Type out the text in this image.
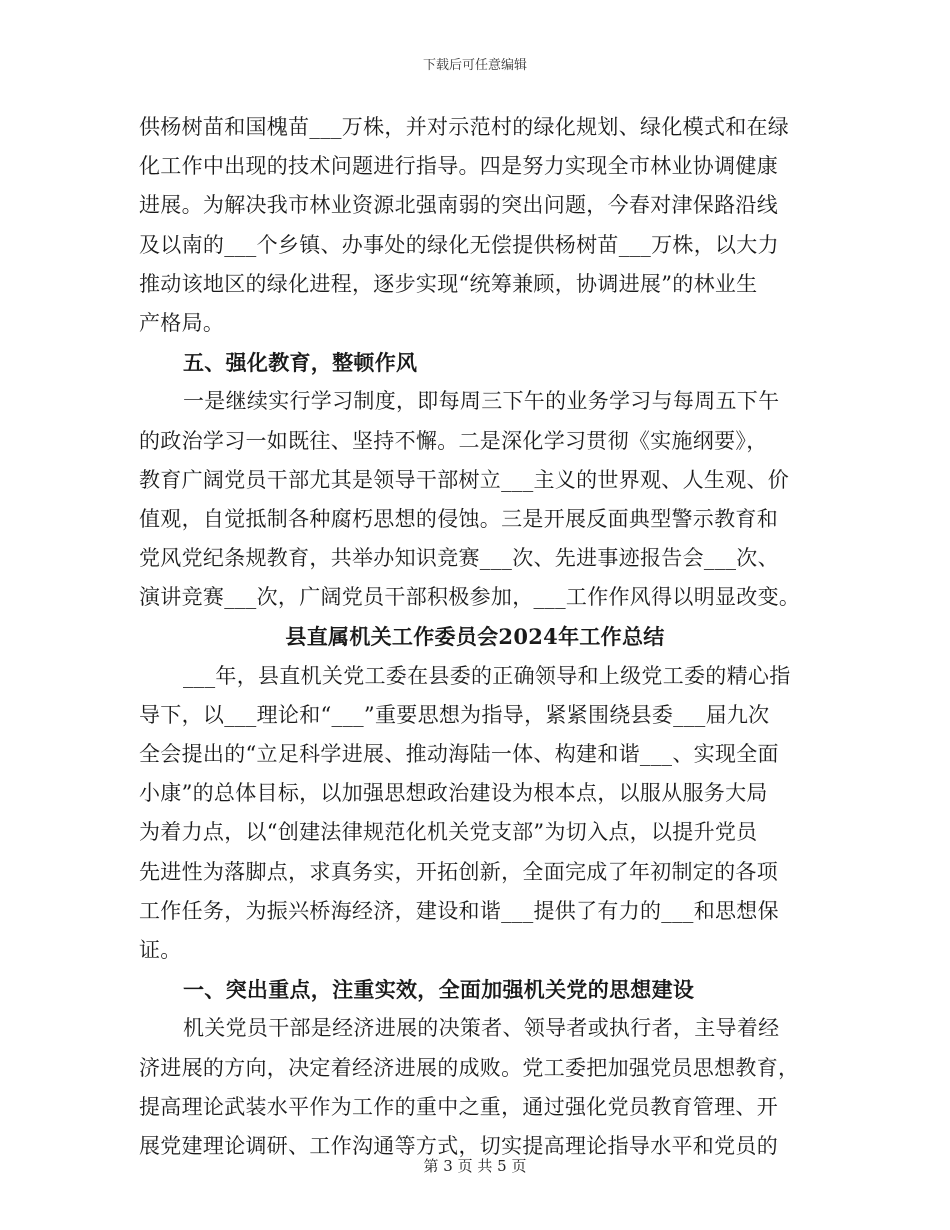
下载后可任意编辑
供杨树苗和国槐苗___万株，并对示范村的绿化规划、绿化模式和在绿
化工作中出现的技术问题进行指导。四是努力实现全市林业协调健康
进展。为解决我市林业资源北强南弱的突出问题，今春对津保路沿线
及以南的___个乡镇、办事处的绿化无偿提供杨树苗___万株，以大力
推动该地区的绿化进程，逐步实现“统筹兼顾，协调进展”的林业生
产格局。
五、强化教育，整顿作风
一是继续实行学习制度，即每周三下午的业务学习与每周五下午
的政治学习一如既往、坚持不懈。二是深化学习贯彻《实施纲要》，
教育广阔党员干部尤其是领导干部树立___主义的世界观、人生观、价
值观，自觉抵制各种腐朽思想的侵蚀。三是开展反面典型警示教育和
党风党纪条规教育，共举办知识竞赛___次、先进事迹报告会___次、
演讲竞赛___次，广阔党员干部积极参加，___工作作风得以明显改变。
县直属机关工作委员会2024年工作总结
___年，县直机关党工委在县委的正确领导和上级党工委的精心指
导下，以___理论和“___”重要思想为指导，紧紧围绕县委___届九次
全会提出的“立足科学进展、推动海陆一体、构建和谐___、实现全面
小康”的总体目标，以加强思想政治建设为根本点，以服从服务大局
为着力点，以“创建法律规范化机关党支部”为切入点，以提升党员
先进性为落脚点，求真务实，开拓创新，全面完成了年初制定的各项
工作任务，为振兴桥海经济，建设和谐___提供了有力的___和思想保
证。
一、突出重点，注重实效，全面加强机关党的思想建设
机关党员干部是经济进展的决策者、领导者或执行者，主导着经
济进展的方向，决定着经济进展的成败。党工委把加强党员思想教育，
提高理论武装水平作为工作的重中之重，通过强化党员教育管理、开
展党建理论调研、工作沟通等方式，切实提高理论指导水平和党员的
第 3 页 共 5 页
